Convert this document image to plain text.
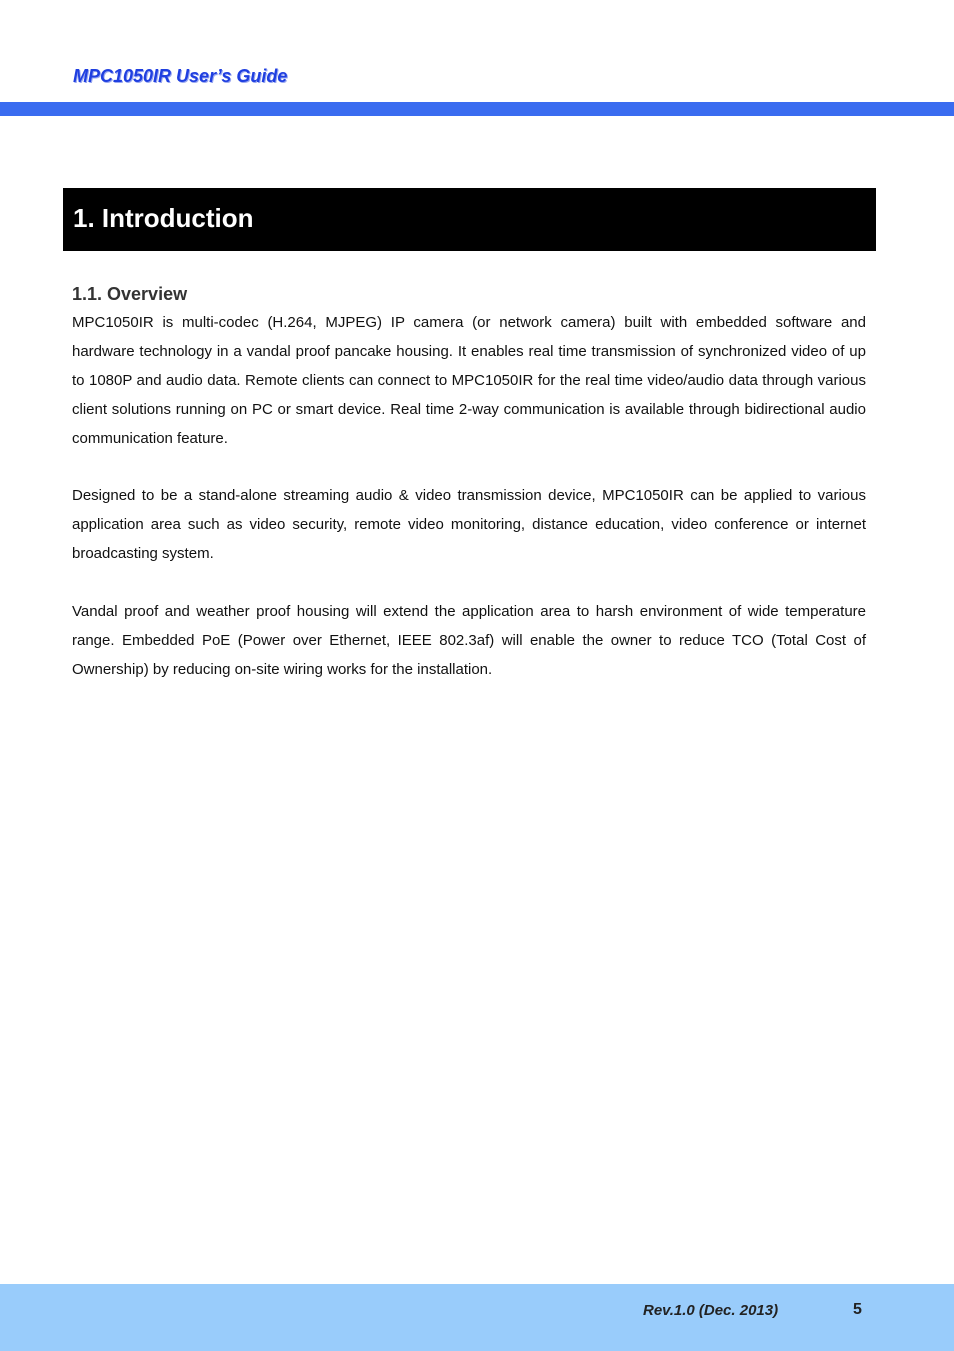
MPC1050IR User’s Guide
1. Introduction
1.1. Overview

MPC1050IR is multi-codec (H.264, MJPEG) IP camera (or network camera) built with embedded software and hardware technology in a vandal proof pancake housing. It enables real time transmission of synchronized video of up to 1080P and audio data. Remote clients can connect to MPC1050IR for the real time video/audio data through various client solutions running on PC or smart device. Real time 2-way communication is available through bidirectional audio communication feature.

Designed to be a stand-alone streaming audio & video transmission device, MPC1050IR can be applied to various application area such as video security, remote video monitoring, distance education, video conference or internet broadcasting system.

Vandal proof and weather proof housing will extend the application area to harsh environment of wide temperature range. Embedded PoE (Power over Ethernet, IEEE 802.3af) will enable the owner to reduce TCO (Total Cost of Ownership) by reducing on-site wiring works for the installation.

Rev.1.0 (Dec. 2013)	5
